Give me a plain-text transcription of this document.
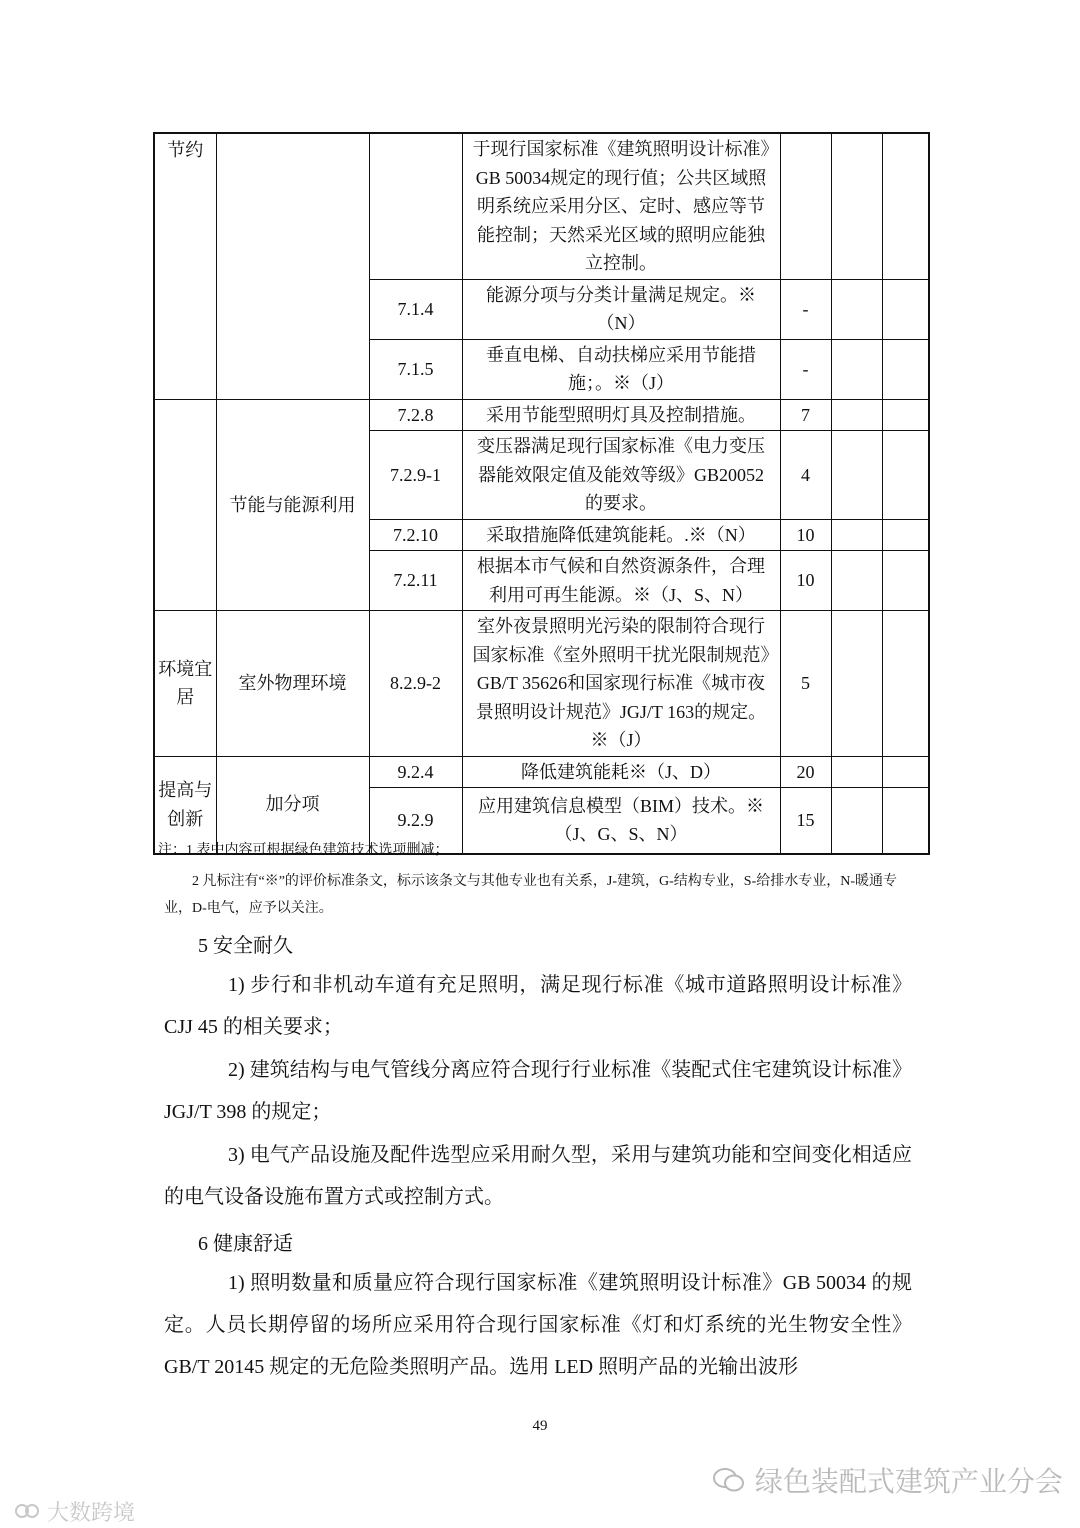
节约			于现行国家标准《建筑照明设计标准》GB 50034规定的现行值；公共区域照明系统应采用分区、定时、感应等节能控制；天然采光区域的照明应能独立控制。			
		7.1.4	能源分项与分类计量满足规定。※（N）	-		
		7.1.5	垂直电梯、自动扶梯应采用节能措施；。※（J）	-		
	节能与能源利用	7.2.8	采用节能型照明灯具及控制措施。	7		
		7.2.9-1	变压器满足现行国家标准《电力变压器能效限定值及能效等级》GB20052的要求。	4		
		7.2.10	采取措施降低建筑能耗。.※（N）	10		
		7.2.11	根据本市气候和自然资源条件，合理利用可再生能源。※（J、S、N）	10		
环境宜居	室外物理环境	8.2.9-2	室外夜景照明光污染的限制符合现行国家标准《室外照明干扰光限制规范》GB/T 35626和国家现行标准《城市夜景照明设计规范》JGJ/T 163的规定。※（J）	5		
提高与创新	加分项	9.2.4	降低建筑能耗※（J、D）	20		
		9.2.9	应用建筑信息模型（BIM）技术。※（J、G、S、N）	15		
注：1 表中内容可根据绿色建筑技术选项删减；
2 凡标注有“※”的评价标准条文，标示该条文与其他专业也有关系，J-建筑，G-结构专业，S-给排水专业，N-暖通专业，D-电气，应予以关注。
5 安全耐久
1) 步行和非机动车道有充足照明，满足现行标准《城市道路照明设计标准》CJJ 45 的相关要求；
2) 建筑结构与电气管线分离应符合现行行业标准《装配式住宅建筑设计标准》JGJ/T 398 的规定；
3) 电气产品设施及配件选型应采用耐久型，采用与建筑功能和空间变化相适应的电气设备设施布置方式或控制方式。
6 健康舒适
1) 照明数量和质量应符合现行国家标准《建筑照明设计标准》GB 50034 的规定。人员长期停留的场所应采用符合现行国家标准《灯和灯系统的光生物安全性》GB/T 20145 规定的无危险类照明产品。选用 LED 照明产品的光输出波形
49
绿色装配式建筑产业分会
大数跨境
